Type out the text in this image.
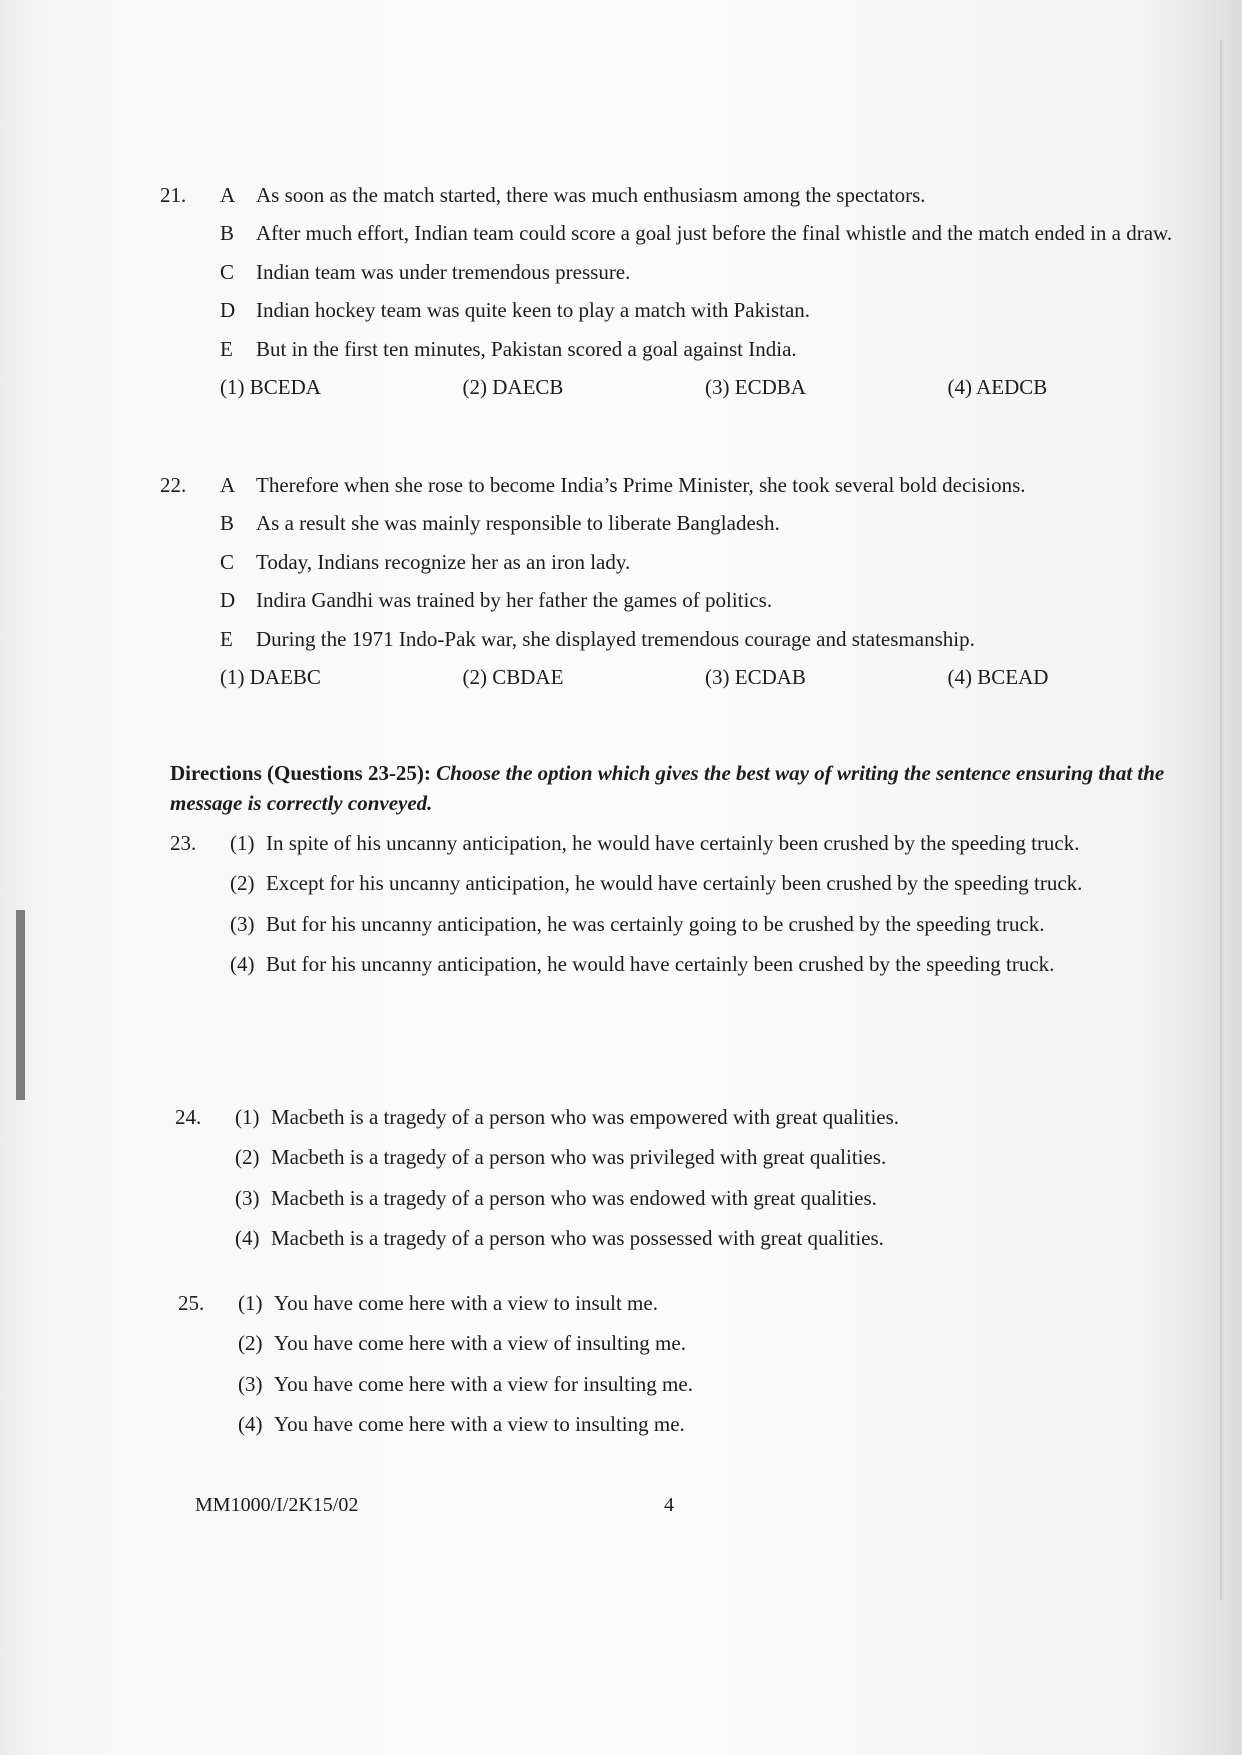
21.	A As soon as the match started, there was much enthusiasm among the spectators.
B After much effort, Indian team could score a goal just before the final whistle and the match ended in a draw.
C Indian team was under tremendous pressure.
D Indian hockey team was quite keen to play a match with Pakistan.
E But in the first ten minutes, Pakistan scored a goal against India.
(1) BCEDA	(2) DAECB	(3) ECDBA	(4) AEDCB
22.	A Therefore when she rose to become India’s Prime Minister, she took several bold decisions.
B As a result she was mainly responsible to liberate Bangladesh.
C Today, Indians recognize her as an iron lady.
D Indira Gandhi was trained by her father the games of politics.
E During the 1971 Indo-Pak war, she displayed tremendous courage and statesmanship.
(1) DAEBC	(2) CBDAE	(3) ECDAB	(4) BCEAD
Directions (Questions 23-25): Choose the option which gives the best way of writing the sentence ensuring that the message is correctly conveyed.
23.	(1) In spite of his uncanny anticipation, he would have certainly been crushed by the speeding truck.
(2) Except for his uncanny anticipation, he would have certainly been crushed by the speeding truck.
(3) But for his uncanny anticipation, he was certainly going to be crushed by the speeding truck.
(4) But for his uncanny anticipation, he would have certainly been crushed by the speeding truck.
24.	(1) Macbeth is a tragedy of a person who was empowered with great qualities.
(2) Macbeth is a tragedy of a person who was privileged with great qualities.
(3) Macbeth is a tragedy of a person who was endowed with great qualities.
(4) Macbeth is a tragedy of a person who was possessed with great qualities.
25.	(1) You have come here with a view to insult me.
(2) You have come here with a view of insulting me.
(3) You have come here with a view for insulting me.
(4) You have come here with a view to insulting me.
MM1000/I/2K15/02	4
